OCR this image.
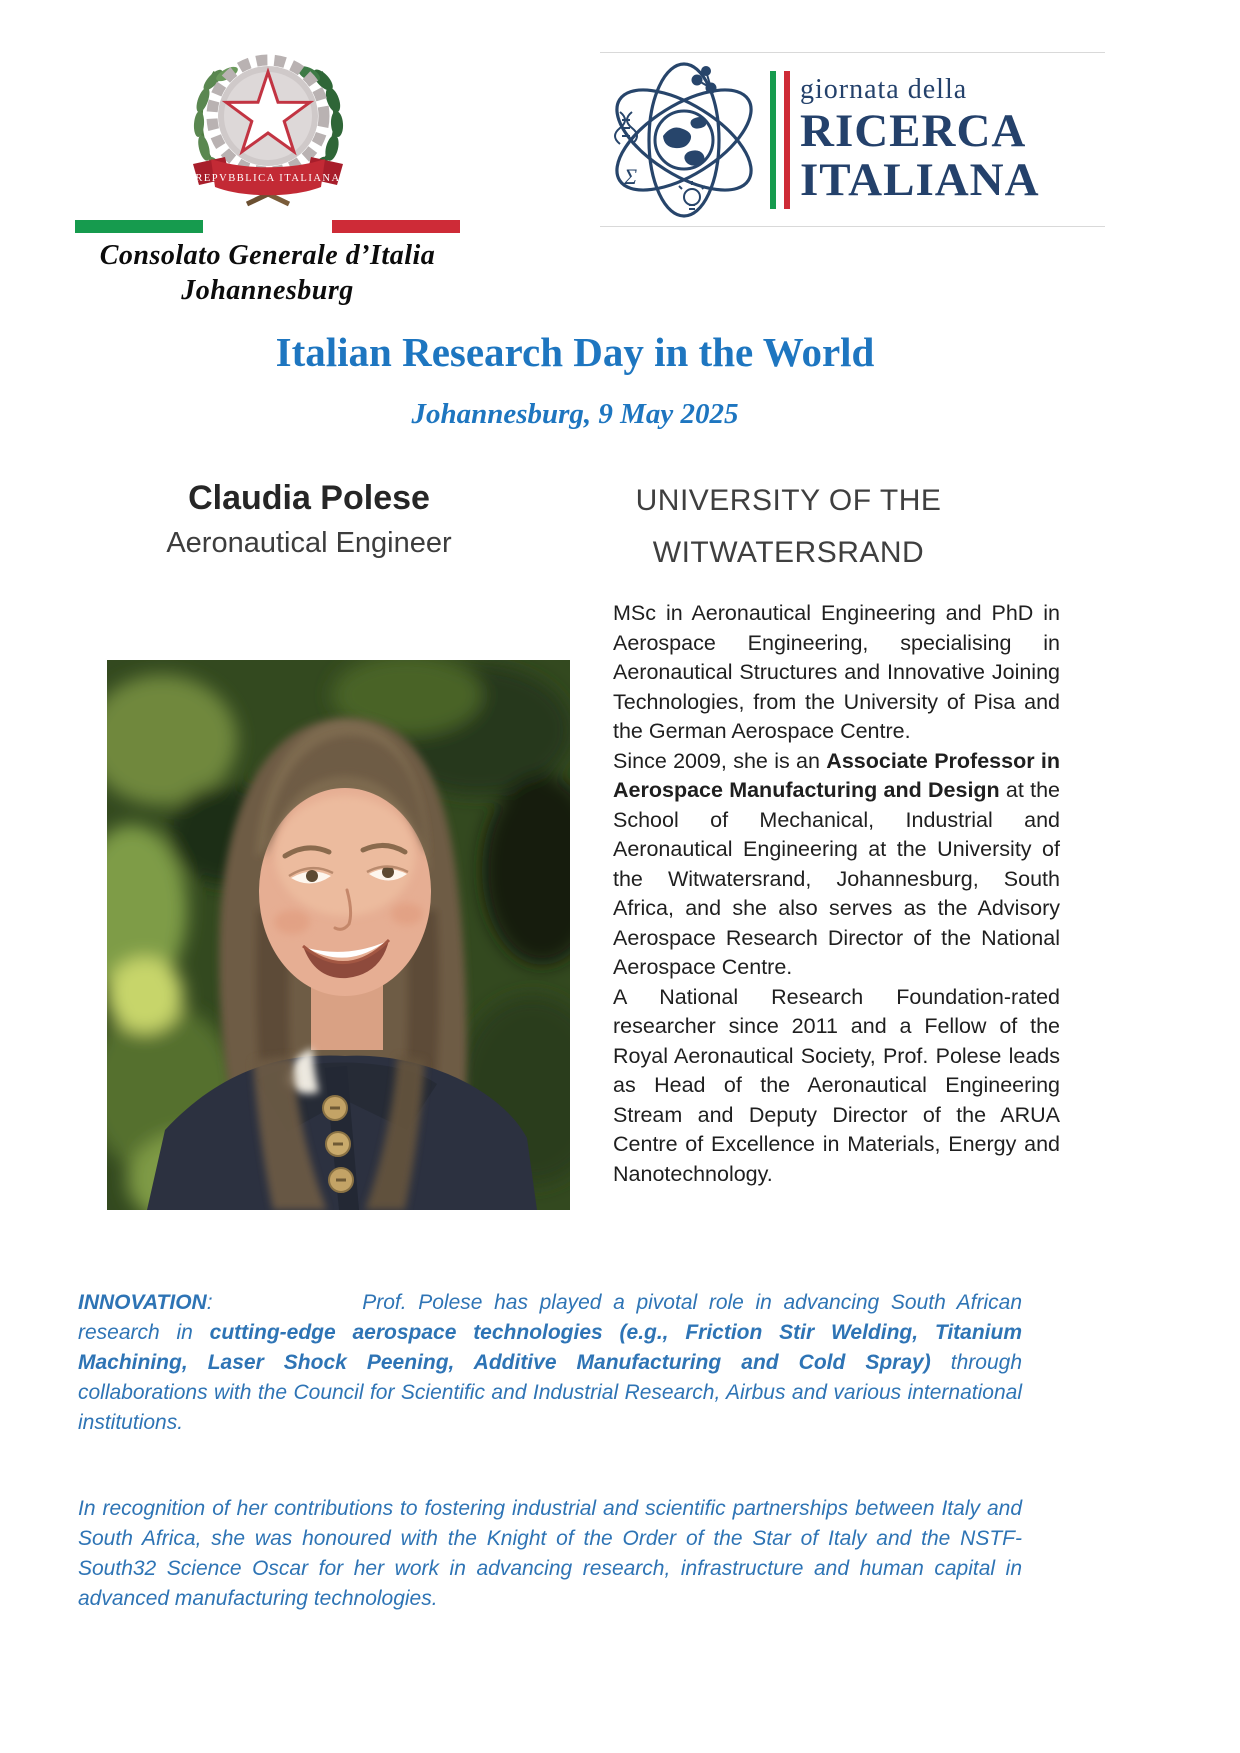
REPVBBLICA ITALIANA
Consolato Generale d’Italia
Johannesburg
Σ
giornata della
RICERCA
ITALIANA
Italian Research Day in the World
Johannesburg, 9 May 2025
Claudia Polese
Aeronautical Engineer
UNIVERSITY OF THE
WITWATERSRAND

MSc in Aeronautical Engineering and PhD in Aerospace Engineering, specialising in Aeronautical Structures and Innovative Joining Technologies, from the University of Pisa and the German Aerospace Centre.

Since 2009, she is an Associate Professor in Aerospace Manufacturing and Design at the School of Mechanical, Industrial and Aeronautical Engineering at the University of the Witwatersrand, Johannesburg, South Africa, and she also serves as the Advisory Aerospace Research Director of the National Aerospace Centre.

A National Research Foundation-rated researcher since 2011 and a Fellow of the Royal Aeronautical Society, Prof. Polese leads as Head of the Aeronautical Engineering Stream and Deputy Director of the ARUA Centre of Excellence in Materials, Energy and Nanotechnology.

INNOVATION:	Prof. Polese has played a pivotal role in advancing South African research in cutting-edge aerospace technologies (e.g., Friction Stir Welding, Titanium Machining, Laser Shock Peening, Additive Manufacturing and Cold Spray) through collaborations with the Council for Scientific and Industrial Research, Airbus and various international institutions.

In recognition of her contributions to fostering industrial and scientific partnerships between Italy and South Africa, she was honoured with the Knight of the Order of the Star of Italy and the NSTF-South32 Science Oscar for her work in advancing research, infrastructure and human capital in advanced manufacturing technologies.
